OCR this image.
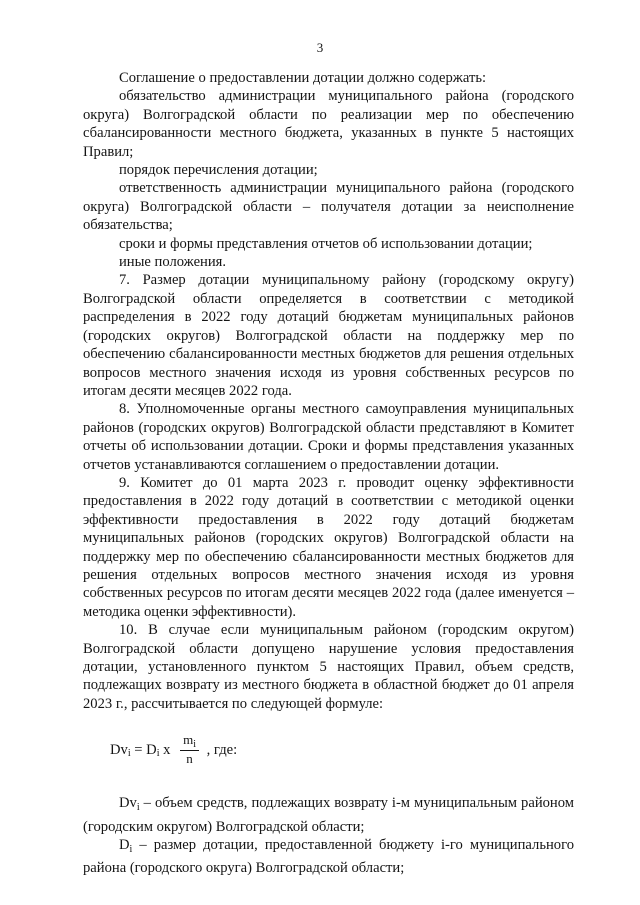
3

Соглашение о предоставлении дотации должно содержать:

обязательство администрации муниципального района (городского округа) Волгоградской области по реализации мер по обеспечению сбалансированности местного бюджета, указанных в пункте 5 настоящих Правил;

порядок перечисления дотации;

ответственность администрации муниципального района (городского округа) Волгоградской области – получателя дотации за неисполнение обязательства;

сроки и формы представления отчетов об использовании дотации;

иные положения.

7. Размер дотации муниципальному району (городскому округу) Волгоградской области определяется в соответствии с методикой распределения в 2022 году дотаций бюджетам муниципальных районов (городских округов) Волгоградской области на поддержку мер по обеспечению сбалансированности местных бюджетов для решения отдельных вопросов местного значения исходя из уровня собственных ресурсов по итогам десяти месяцев 2022 года.

8. Уполномоченные органы местного самоуправления муниципальных районов (городских округов) Волгоградской области представляют в Комитет отчеты об использовании дотации. Сроки и формы представления указанных отчетов устанавливаются соглашением о предоставлении дотации.

9. Комитет до 01 марта 2023 г. проводит оценку эффективности предоставления в 2022 году дотаций в соответствии с методикой оценки эффективности предоставления в 2022 году дотаций бюджетам муниципальных районов (городских округов) Волгоградской области на поддержку мер по обеспечению сбалансированности местных бюджетов для решения отдельных вопросов местного значения исходя из уровня собственных ресурсов по итогам десяти месяцев 2022 года (далее именуется – методика оценки эффективности).

10. В случае если муниципальным районом (городским округом) Волгоградской области допущено нарушение условия предоставления дотации, установленного пунктом 5 настоящих Правил, объем средств, подлежащих возврату из местного бюджета в областной бюджет до 01 апреля 2023 г., рассчитывается по следующей формуле:

Dv i = D i x $\frac{m_i}{n}$ , где:

$Dv_i$ – объем средств, подлежащих возврату i-м муниципальным районом (городским округом) Волгоградской области;

$D_i$ – размер дотации, предоставленной бюджету i-го муниципального района (городского округа) Волгоградской области;
